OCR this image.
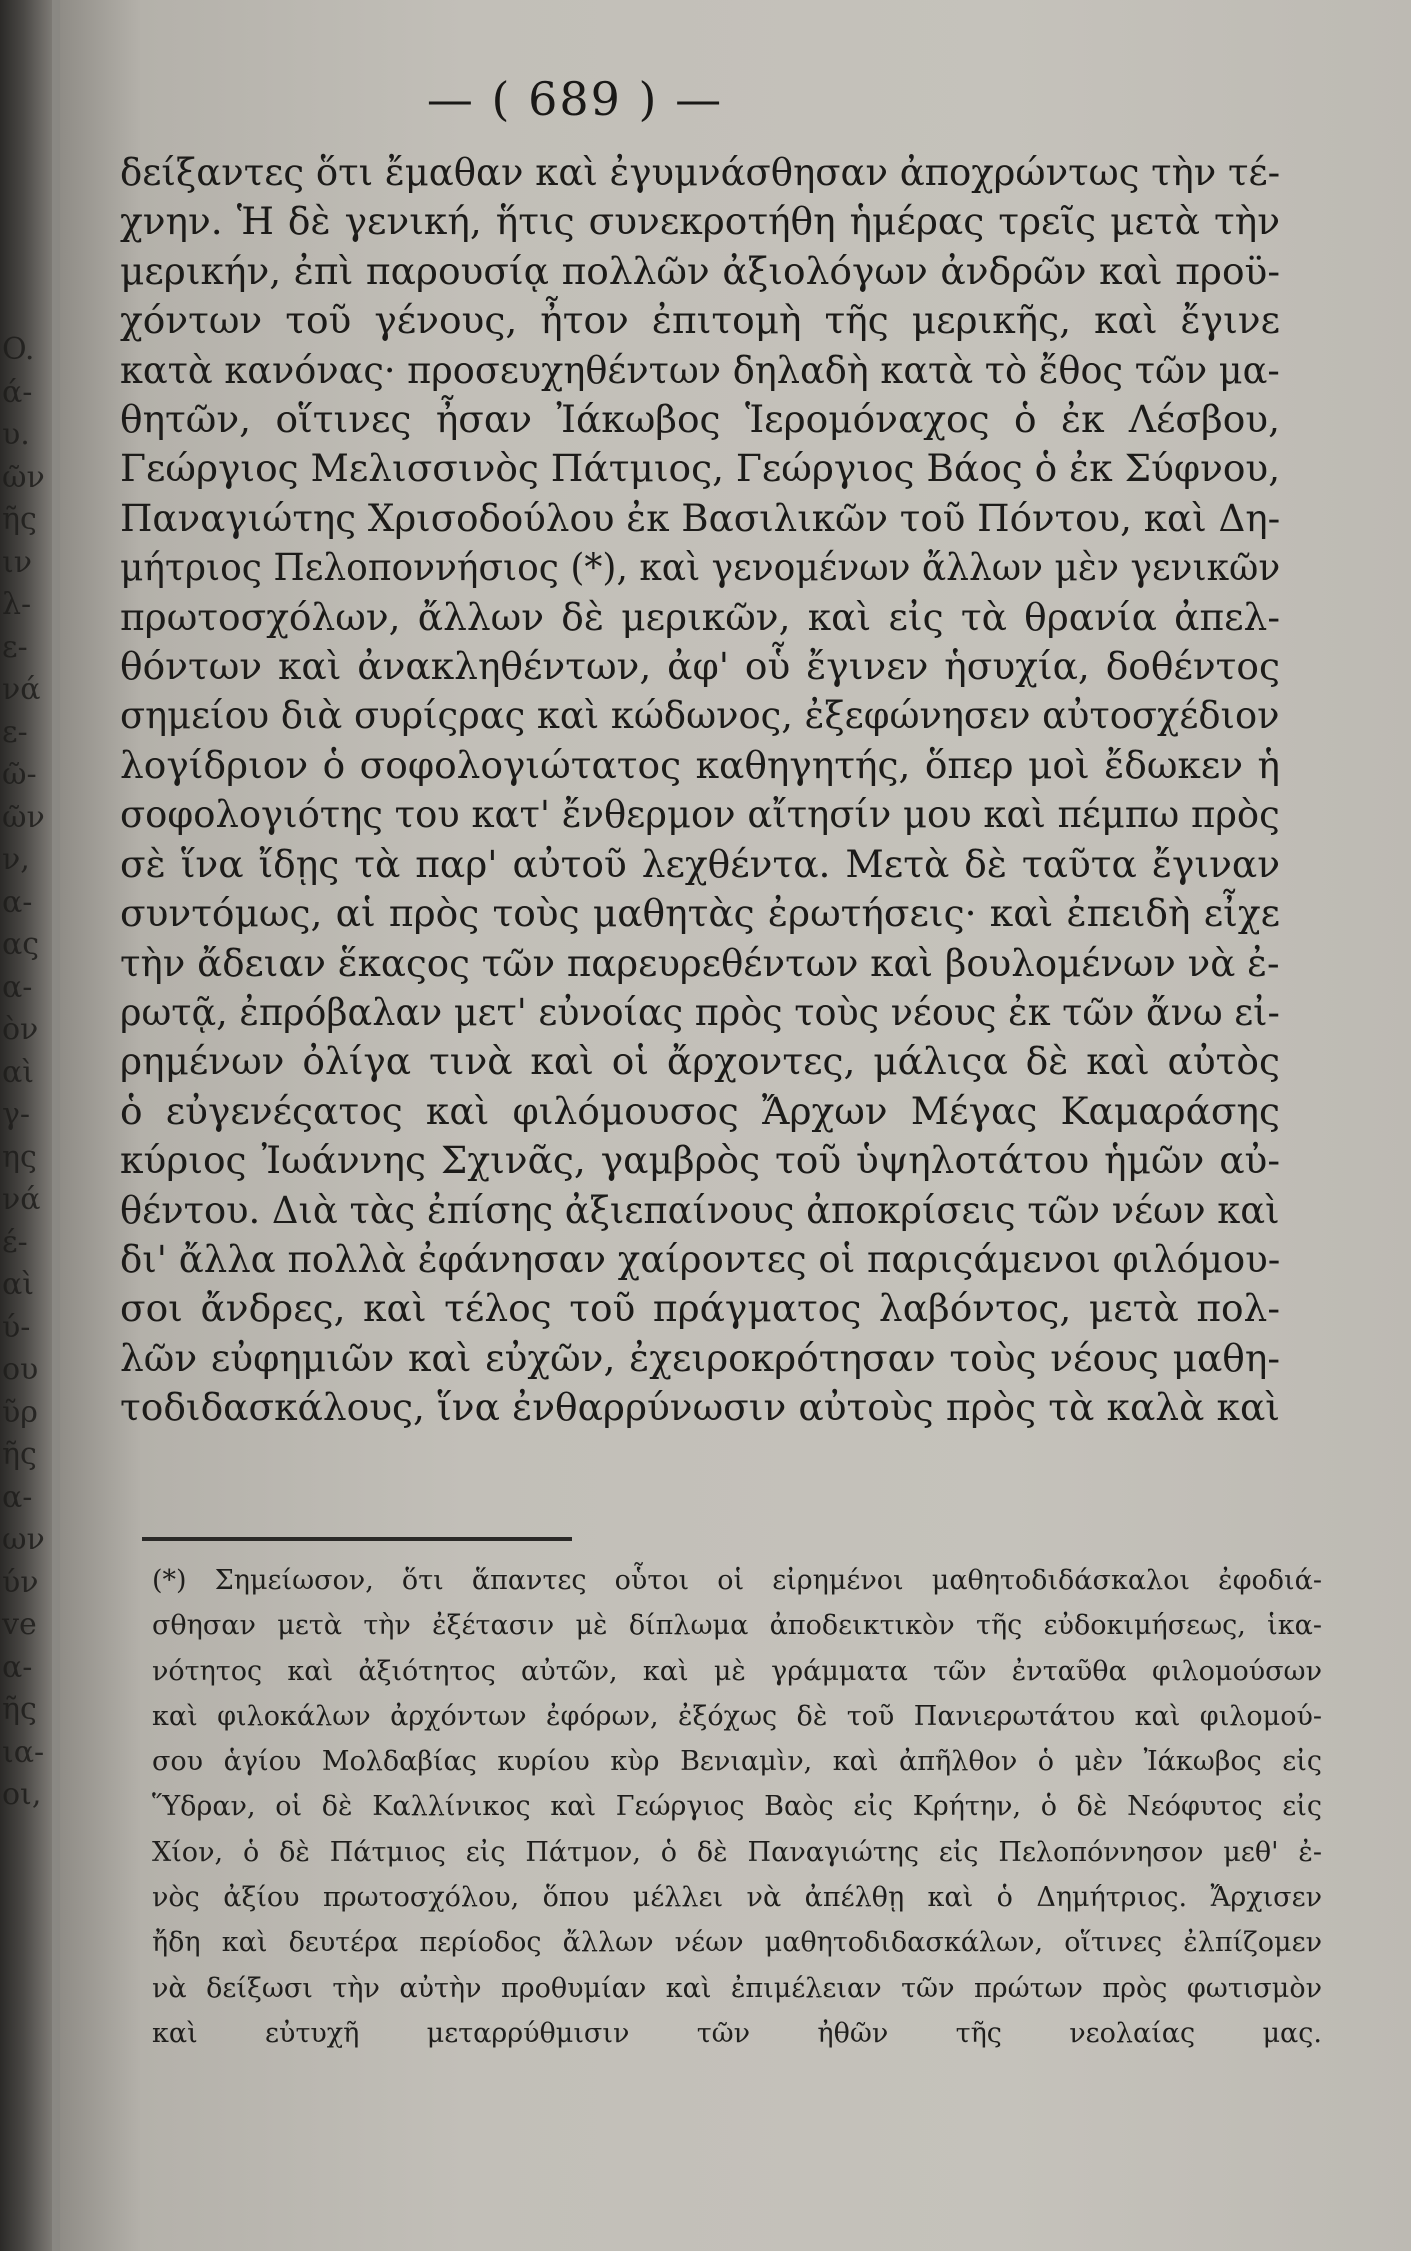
O.
ά-
υ.
ῶν
ῆς
ιν
λ-
ε-
νά
ε-
ῶ-
ῶν
ν,
α-
ας
α-
ὸν
αὶ
γ-
ης
νά
έ-
αὶ
ύ-
ου
ῦρ
ῆς
α-
ων
ύν
ve
α-
ῆς
ια-
οι,
— ( 689 ) —
δείξαντες ὅτι ἔμαθαν καὶ ἐγυμνάσθησαν ἀποχρώντως τὴν τέ-
χνην. Ἡ δὲ γενική, ἥτις συνεκροτήθη ἡμέρας τρεῖς μετὰ τὴν
μερικήν, ἐπὶ παρουσίᾳ πολλῶν ἀξιολόγων ἀνδρῶν καὶ προϋ-
χόντων τοῦ γένους, ἦτον ἐπιτομὴ τῆς μερικῆς, καὶ ἔγινε
κατὰ κανόνας· προσευχηθέντων δηλαδὴ κατὰ τὸ ἔθος τῶν μα-
θητῶν, οἵτινες ἦσαν Ἰάκωβος Ἱερομόναχος ὁ ἐκ Λέσβου,
Γεώργιος Μελισσινὸς Πάτμιος, Γεώργιος Βάος ὁ ἐκ Σύφνου,
Παναγιώτης Χρισοδούλου ἐκ Βασιλικῶν τοῦ Πόντου, καὶ Δη-
μήτριος Πελοποννήσιος (*), καὶ γενομένων ἄλλων μὲν γενικῶν
πρωτοσχόλων, ἄλλων δὲ μερικῶν, καὶ εἰς τὰ θρανία ἀπελ-
θόντων καὶ ἀνακληθέντων, ἀφ' οὗ ἔγινεν ἡσυχία, δοθέντος
σημείου διὰ συρίςρας καὶ κώδωνος, ἐξεφώνησεν αὐτοσχέδιον
λογίδριον ὁ σοφολογιώτατος καθηγητής, ὅπερ μοὶ ἔδωκεν ἡ
σοφολογιότης του κατ' ἔνθερμον αἴτησίν μου καὶ πέμπω πρὸς
σὲ ἵνα ἴδῃς τὰ παρ' αὐτοῦ λεχθέντα. Μετὰ δὲ ταῦτα ἔγιναν
συντόμως, αἱ πρὸς τοὺς μαθητὰς ἐρωτήσεις· καὶ ἐπειδὴ εἶχε
τὴν ἄδειαν ἕκαςος τῶν παρευρεθέντων καὶ βουλομένων νὰ ἐ-
ρωτᾷ, ἐπρόβαλαν μετ' εὐνοίας πρὸς τοὺς νέους ἐκ τῶν ἄνω εἰ-
ρημένων ὀλίγα τινὰ καὶ οἱ ἄρχοντες, μάλιςα δὲ καὶ αὐτὸς
ὁ εὐγενέςατος καὶ φιλόμουσος Ἄρχων Μέγας Καμαράσης
κύριος Ἰωάννης Σχινᾶς, γαμβρὸς τοῦ ὑψηλοτάτου ἡμῶν αὐ-
θέντου. Διὰ τὰς ἐπίσης ἀξιεπαίνους ἀποκρίσεις τῶν νέων καὶ
δι' ἄλλα πολλὰ ἐφάνησαν χαίροντες οἱ παριςάμενοι φιλόμου-
σοι ἄνδρες, καὶ τέλος τοῦ πράγματος λαβόντος, μετὰ πολ-
λῶν εὐφημιῶν καὶ εὐχῶν, ἐχειροκρότησαν τοὺς νέους μαθη-
τοδιδασκάλους, ἵνα ἐνθαρρύνωσιν αὐτοὺς πρὸς τὰ καλὰ καὶ
(*) Σημείωσον, ὅτι ἅπαντες οὗτοι οἱ εἰρημένοι μαθητοδιδάσκαλοι ἐφοδιά-
σθησαν μετὰ τὴν ἐξέτασιν μὲ δίπλωμα ἀποδεικτικὸν τῆς εὐδοκιμήσεως, ἱκα-
νότητος καὶ ἀξιότητος αὐτῶν, καὶ μὲ γράμματα τῶν ἐνταῦθα φιλομούσων
καὶ φιλοκάλων ἀρχόντων ἐφόρων, ἐξόχως δὲ τοῦ Πανιερωτάτου καὶ φιλομού-
σου ἁγίου Μολδαβίας κυρίου κὺρ Βενιαμὶν, καὶ ἀπῆλθον ὁ μὲν Ἰάκωβος εἰς
Ὕδραν, οἱ δὲ Καλλίνικος καὶ Γεώργιος Βαὸς εἰς Κρήτην, ὁ δὲ Νεόφυτος εἰς
Χίον, ὁ δὲ Πάτμιος εἰς Πάτμον, ὁ δὲ Παναγιώτης εἰς Πελοπόννησον μεθ' ἐ-
νὸς ἀξίου πρωτοσχόλου, ὅπου μέλλει νὰ ἀπέλθῃ καὶ ὁ Δημήτριος. Ἄρχισεν
ἤδη καὶ δευτέρα περίοδος ἄλλων νέων μαθητοδιδασκάλων, οἵτινες ἐλπίζομεν
νὰ δείξωσι τὴν αὐτὴν προθυμίαν καὶ ἐπιμέλειαν τῶν πρώτων πρὸς φωτισμὸν
καὶ εὐτυχῆ μεταρρύθμισιν τῶν ἠθῶν τῆς νεολαίας μας.
